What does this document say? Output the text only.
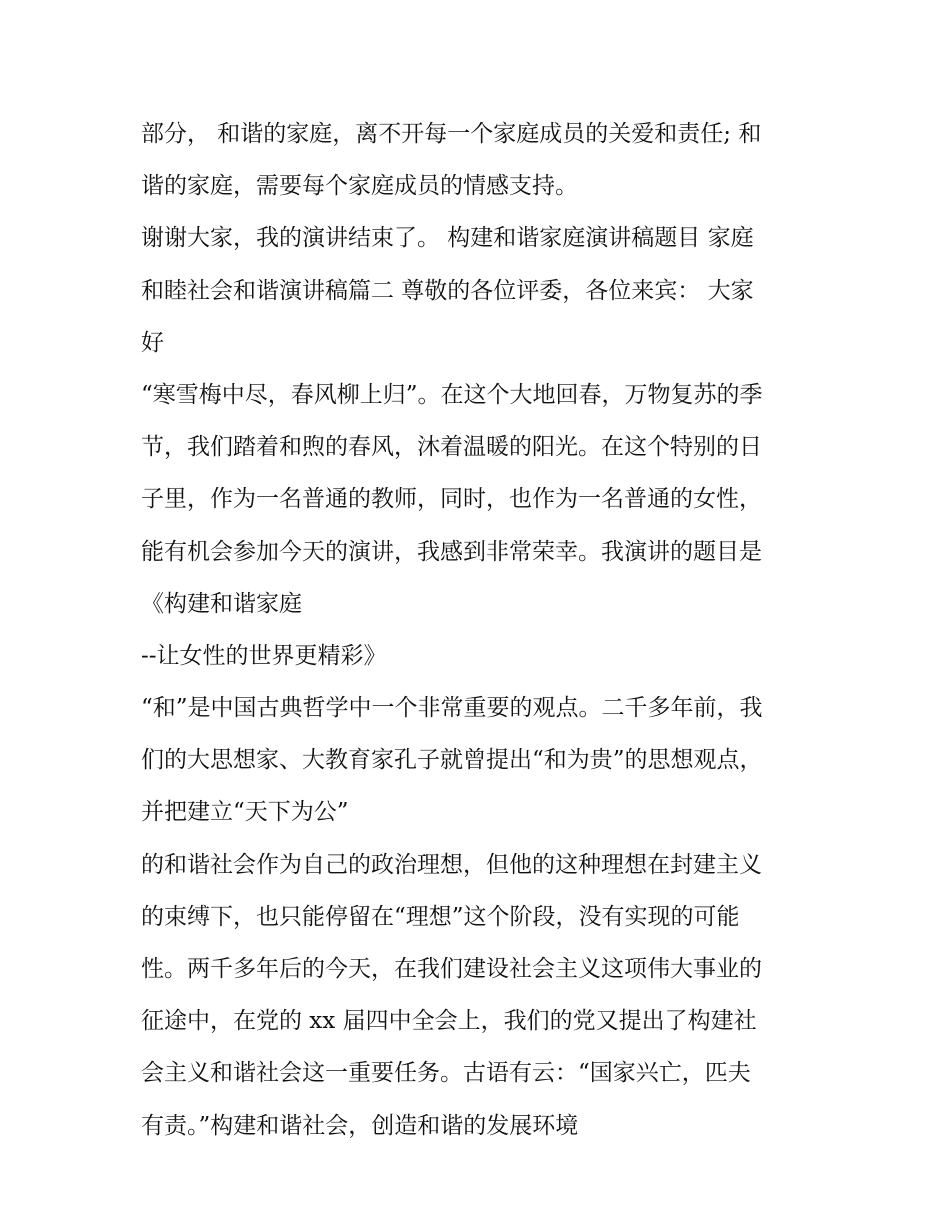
部分， 和谐的家庭，离不开每一个家庭成员的关爱和责任; 和
谐的家庭，需要每个家庭成员的情感支持。
谢谢大家，我的演讲结束了。 构建和谐家庭演讲稿题目 家庭
和睦社会和谐演讲稿篇二 尊敬的各位评委，各位来宾： 大家
好
“寒雪梅中尽，春风柳上归”。在这个大地回春，万物复苏的季
节，我们踏着和煦的春风，沐着温暖的阳光。在这个特别的日
子里，作为一名普通的教师，同时，也作为一名普通的女性，
能有机会参加今天的演讲，我感到非常荣幸。我演讲的题目是
《构建和谐家庭
--让女性的世界更精彩》
“和”是中国古典哲学中一个非常重要的观点。二千多年前，我
们的大思想家、大教育家孔子就曾提出“和为贵”的思想观点，
并把建立“天下为公”
的和谐社会作为自己的政治理想，但他的这种理想在封建主义
的束缚下，也只能停留在“理想”这个阶段，没有实现的可能
性。两千多年后的今天，在我们建设社会主义这项伟大事业的
征途中，在党的 xx 届四中全会上，我们的党又提出了构建社
会主义和谐社会这一重要任务。古语有云：“国家兴亡，匹夫
有责。”构建和谐社会，创造和谐的发展环境
